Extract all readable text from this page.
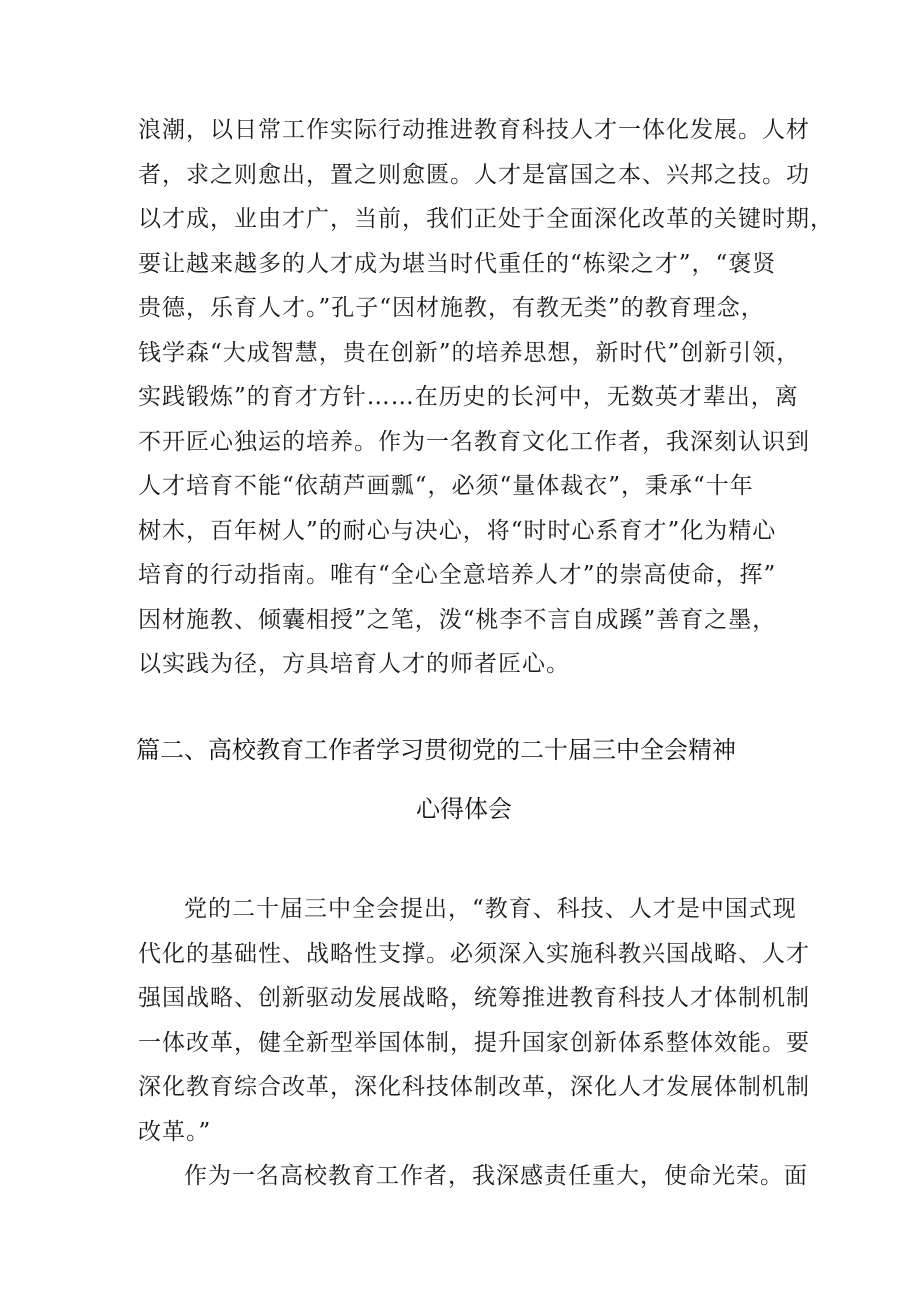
浪潮，以日常工作实际行动推进教育科技人才一体化发展。人材
者，求之则愈出，置之则愈匮。人才是富国之本、兴邦之技。功
以才成，业由才广，当前，我们正处于全面深化改革的关键时期，
要让越来越多的人才成为堪当时代重任的“栋梁之才”，“褒贤
贵德，乐育人才。”孔子“因材施教，有教无类”的教育理念，
钱学森“大成智慧，贵在创新”的培养思想，新时代”创新引领，
实践锻炼”的育才方针……在历史的长河中，无数英才辈出，离
不开匠心独运的培养。作为一名教育文化工作者，我深刻认识到
人才培育不能“依葫芦画瓢“，必须“量体裁衣”，秉承“十年
树木，百年树人”的耐心与决心，将“时时心系育才”化为精心
培育的行动指南。唯有“全心全意培养人才”的崇高使命，挥”
因材施教、倾囊相授”之笔，泼“桃李不言自成蹊”善育之墨，
以实践为径，方具培育人才的师者匠心。
篇二、高校教育工作者学习贯彻党的二十届三中全会精神
心得体会
党的二十届三中全会提出，“教育、科技、人才是中国式现
代化的基础性、战略性支撑。必须深入实施科教兴国战略、人才
强国战略、创新驱动发展战略，统筹推进教育科技人才体制机制
一体改革，健全新型举国体制，提升国家创新体系整体效能。要
深化教育综合改革，深化科技体制改革，深化人才发展体制机制
改革。”
作为一名高校教育工作者，我深感责任重大，使命光荣。面
